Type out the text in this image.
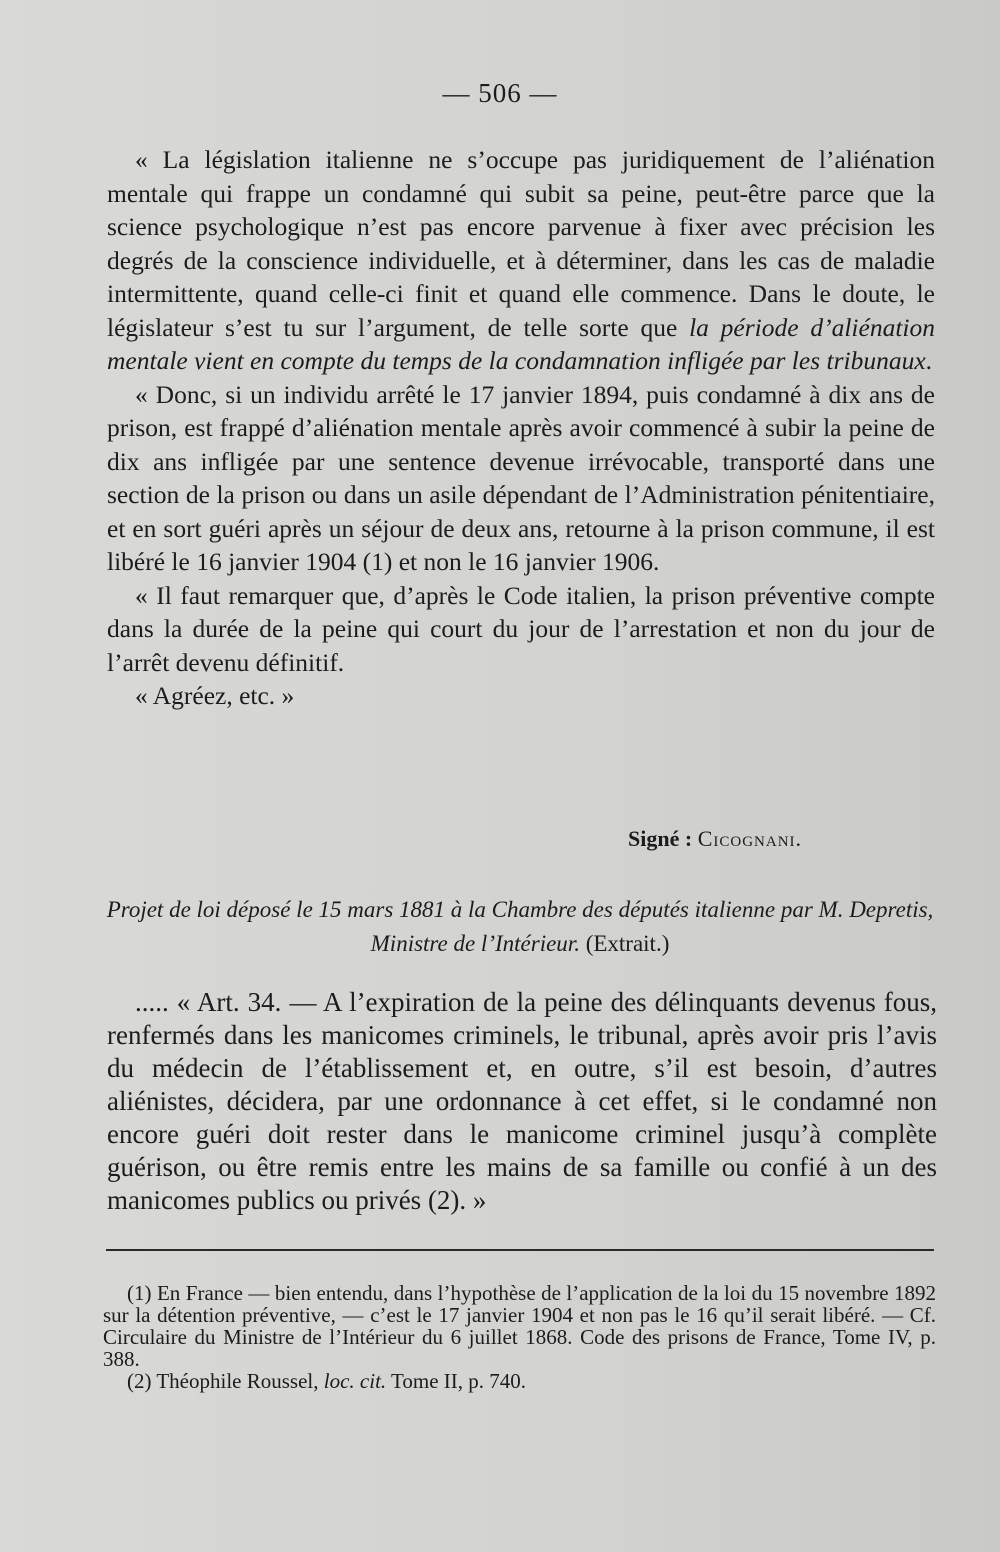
— 506 —

« La législation italienne ne s’occupe pas juridiquement de l’aliénation mentale qui frappe un condamné qui subit sa peine, peut-être parce que la science psychologique n’est pas encore parvenue à fixer avec précision les degrés de la conscience individuelle, et à déterminer, dans les cas de maladie intermittente, quand celle-ci finit et quand elle commence. Dans le doute, le législateur s’est tu sur l’argument, de telle sorte que la période d’aliénation mentale vient en compte du temps de la condamnation infligée par les tribunaux.

« Donc, si un individu arrêté le 17 janvier 1894, puis condamné à dix ans de prison, est frappé d’aliénation mentale après avoir commencé à subir la peine de dix ans infligée par une sentence devenue irrévocable, transporté dans une section de la prison ou dans un asile dépendant de l’Administration pénitentiaire, et en sort guéri après un séjour de deux ans, retourne à la prison commune, il est libéré le 16 janvier 1904 (1) et non le 16 janvier 1906.

« Il faut remarquer que, d’après le Code italien, la prison préventive compte dans la durée de la peine qui court du jour de l’arrestation et non du jour de l’arrêt devenu définitif.

« Agréez, etc. »

Signé : Cicognani.
Projet de loi déposé le 15 mars 1881 à la Chambre des députés italienne par M. Depretis, Ministre de l’Intérieur. (Extrait.)

..... « Art. 34. — A l’expiration de la peine des délinquants devenus fous, renfermés dans les manicomes criminels, le tribunal, après avoir pris l’avis du médecin de l’établissement et, en outre, s’il est besoin, d’autres aliénistes, décidera, par une ordonnance à cet effet, si le condamné non encore guéri doit rester dans le manicome criminel jusqu’à complète guérison, ou être remis entre les mains de sa famille ou confié à un des manicomes publics ou privés (2). »

(1) En France — bien entendu, dans l’hypothèse de l’application de la loi du 15 novembre 1892 sur la détention préventive, — c’est le 17 janvier 1904 et non pas le 16 qu’il serait libéré. — Cf. Circulaire du Ministre de l’Intérieur du 6 juillet 1868. Code des prisons de France, Tome IV, p. 388.

(2) Théophile Roussel, loc. cit. Tome II, p. 740.
